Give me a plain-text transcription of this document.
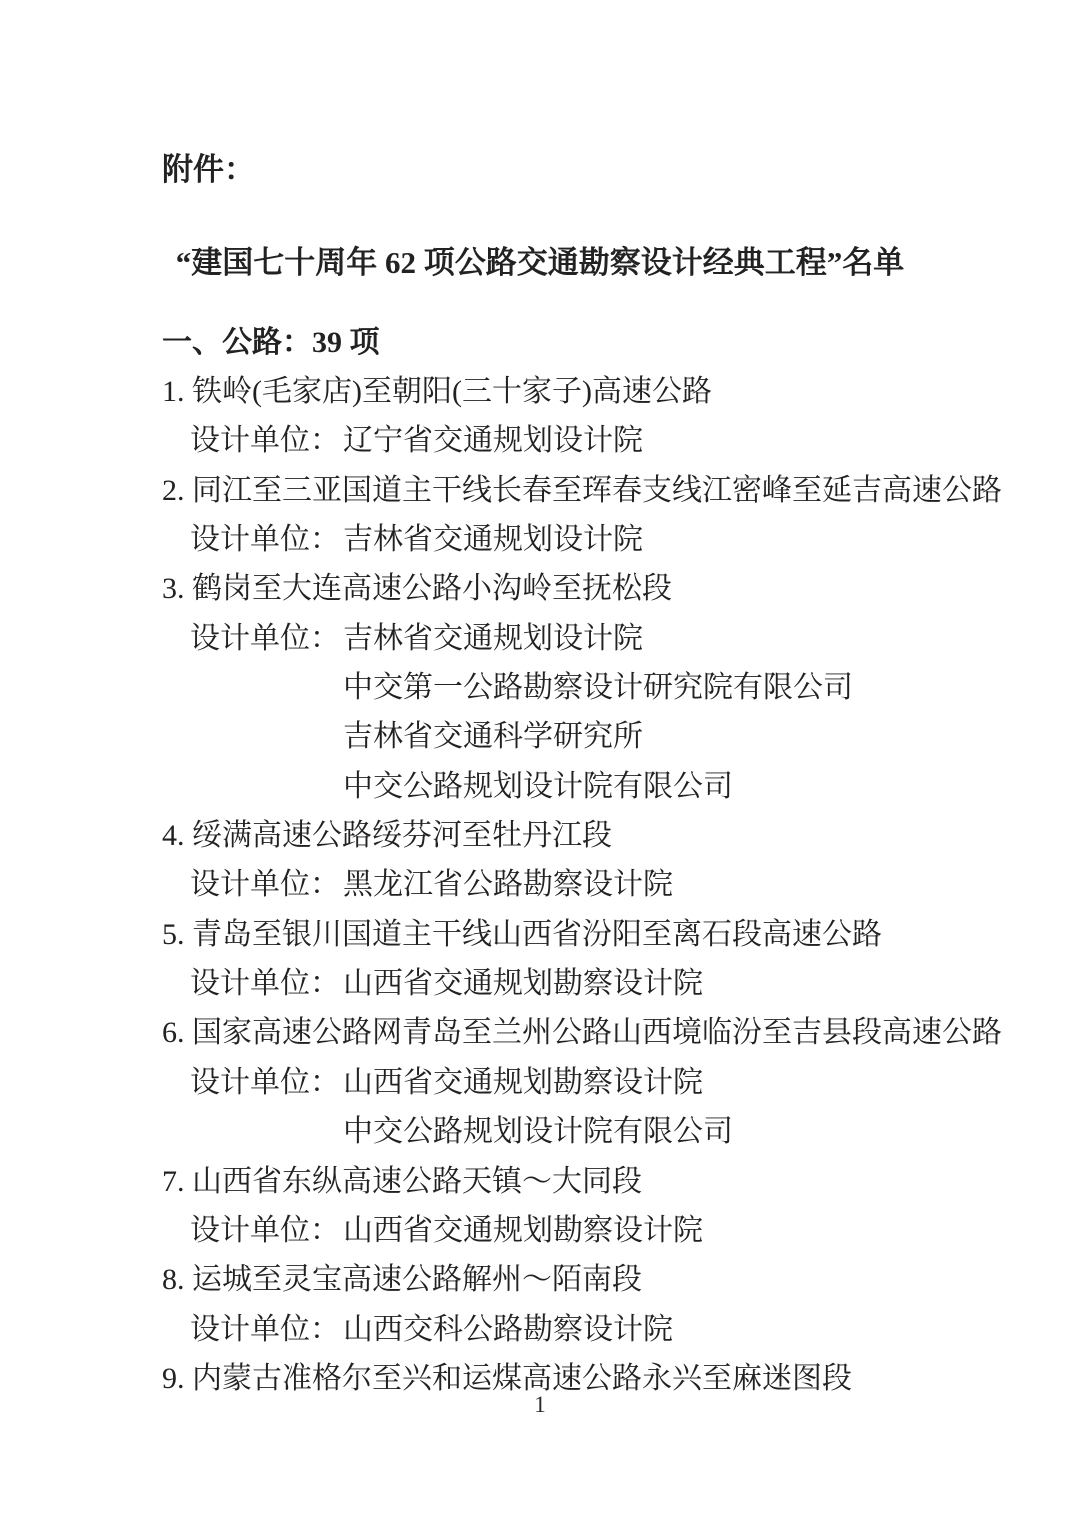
附件：
“建国七十周年 62 项公路交通勘察设计经典工程”名单
一、公路：39 项
1. 铁岭(毛家店)至朝阳(三十家子)高速公路
设计单位： 辽宁省交通规划设计院
2. 同江至三亚国道主干线长春至珲春支线江密峰至延吉高速公路
设计单位： 吉林省交通规划设计院
3. 鹤岗至大连高速公路小沟岭至抚松段
设计单位： 吉林省交通规划设计院
中交第一公路勘察设计研究院有限公司
吉林省交通科学研究所
中交公路规划设计院有限公司
4. 绥满高速公路绥芬河至牡丹江段
设计单位： 黑龙江省公路勘察设计院
5. 青岛至银川国道主干线山西省汾阳至离石段高速公路
设计单位： 山西省交通规划勘察设计院
6. 国家高速公路网青岛至兰州公路山西境临汾至吉县段高速公路
设计单位： 山西省交通规划勘察设计院
中交公路规划设计院有限公司
7. 山西省东纵高速公路天镇～大同段
设计单位： 山西省交通规划勘察设计院
8. 运城至灵宝高速公路解州～陌南段
设计单位： 山西交科公路勘察设计院
9. 内蒙古准格尔至兴和运煤高速公路永兴至麻迷图段
1
